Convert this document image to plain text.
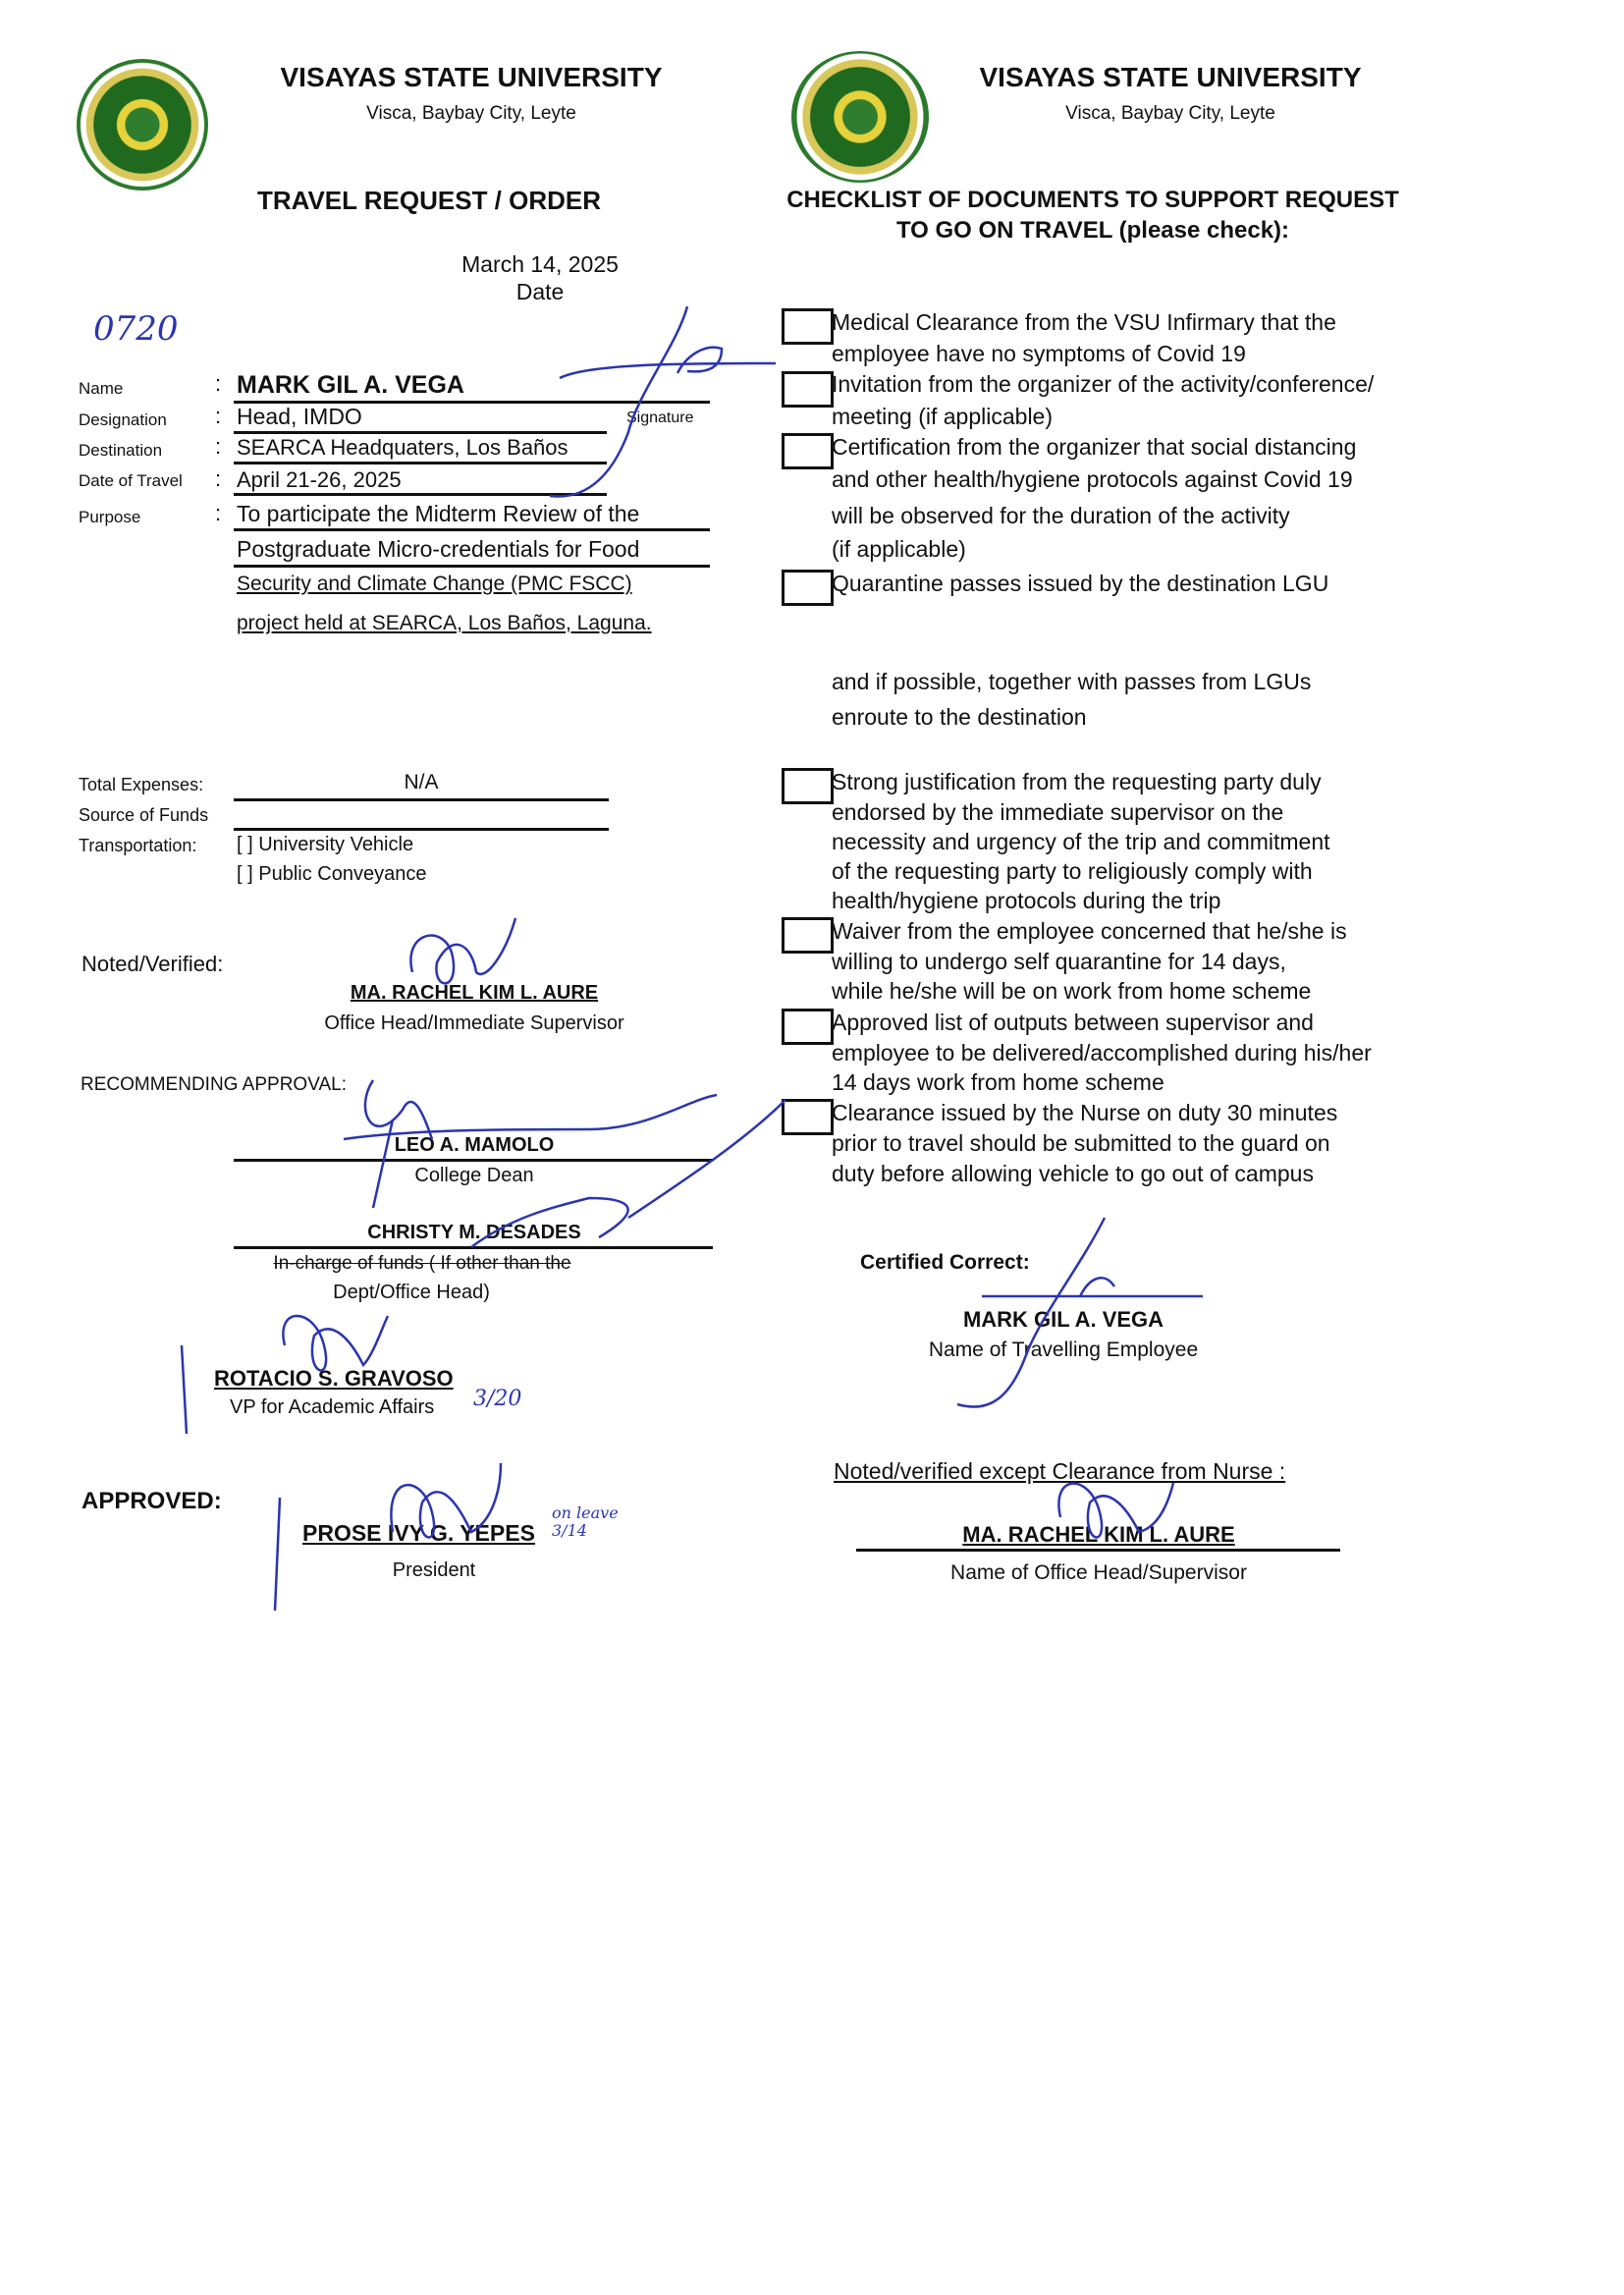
VISAYAS STATE UNIVERSITY
Visca, Baybay City, Leyte
VISAYAS STATE UNIVERSITY
Visca, Baybay City, Leyte
TRAVEL REQUEST / ORDER
March 14, 2025
Date
0720
Name
Designation
Destination
Date of Travel
Purpose
:
:
:
:
:
MARK GIL A. VEGA
Head, IMDO	Signature
SEARCA Headquaters, Los Baños
April 21-26, 2025
To participate the Midterm Review of the
Postgraduate Micro-credentials for Food
Security and Climate Change (PMC FSCC)
project held at SEARCA, Los Baños, Laguna.
Total Expenses:	N/A
Source of Funds
Transportation: [ ] University Vehicle
[ ] Public Conveyance
Noted/Verified:
MA. RACHEL KIM L. AURE
Office Head/Immediate Supervisor
RECOMMENDING APPROVAL:
LEO A. MAMOLO
College Dean
CHRISTY M. DESADES
In-charge of funds ( If other than the
Dept/Office Head)
ROTACIO S. GRAVOSO
VP for Academic Affairs 3/20
APPROVED:
PROSE IVY G. YEPES
President
on leave 3/14
CHECKLIST OF DOCUMENTS TO SUPPORT REQUEST
TO GO ON TRAVEL (please check):
Medical Clearance from the VSU Infirmary that the
employee have no symptoms of Covid 19
Invitation from the organizer of the activity/conference/
meeting (if applicable)
Certification from the organizer that social distancing
and other health/hygiene protocols against Covid 19
will be observed for the duration of the activity
(if applicable)
Quarantine passes issued by the destination LGU
Strong justification from the requesting party duly
endorsed by the immediate supervisor on the
necessity and urgency of the trip and commitment
of the requesting party to religiously comply with
health/hygiene protocols during the trip
Waiver from the employee concerned that he/she is
willing to undergo self quarantine for 14 days,
while he/she will be on work from home scheme
Approved list of outputs between supervisor and
employee to be delivered/accomplished during his/her
14 days work from home scheme
Clearance issued by the Nurse on duty 30 minutes
prior to travel should be submitted to the guard on
duty before allowing vehicle to go out of campus
and if possible, together with passes from LGUs
enroute to the destination
Certified Correct:
MARK GIL A. VEGA
Name of Travelling Employee
Noted/verified except Clearance from Nurse :
MA. RACHEL KIM L. AURE
Name of Office Head/Supervisor
